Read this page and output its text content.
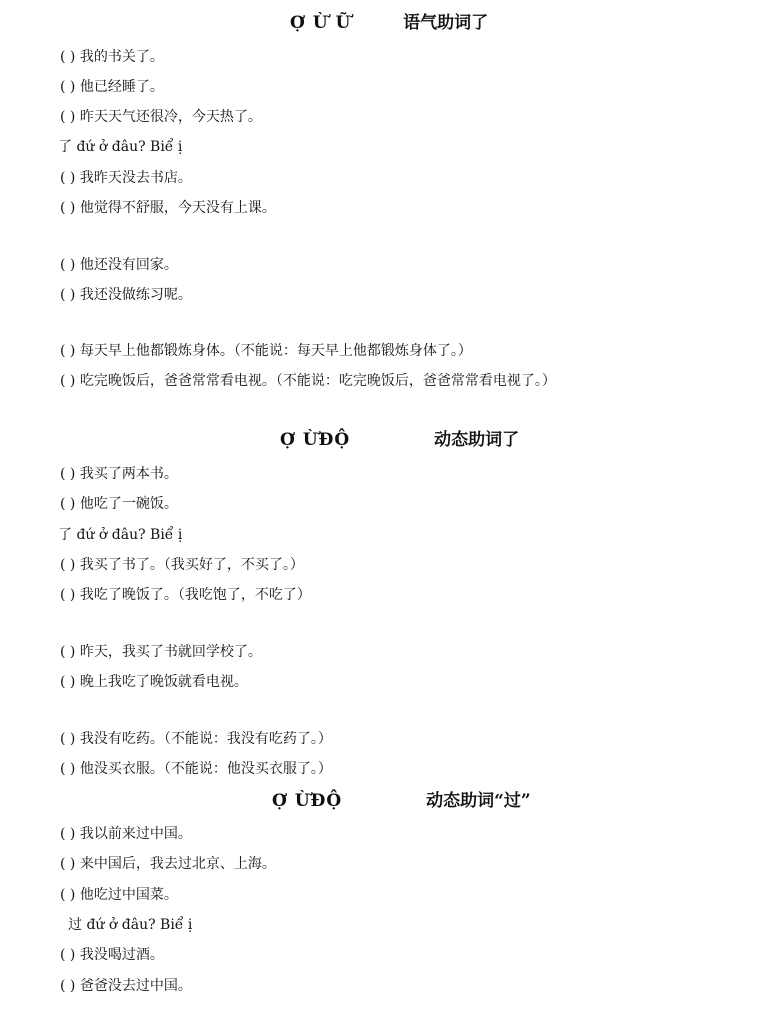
Ợ Ừ Ữ	语气助词了
( ) 我的书关了。
( ) 他已经睡了。
( ) 昨天天气还很冷，今天热了。
了 đứ ở đâu? Biể ị
( ) 我昨天没去书店。
( ) 他觉得不舒服，今天没有上课。
( ) 他还没有回家。
( ) 我还没做练习呢。
( ) 每天早上他都锻炼身体。（不能说：每天早上他都锻炼身体了。）
( ) 吃完晚饭后，爸爸常常看电视。（不能说：吃完晚饭后，爸爸常常看电视了。）
Ợ ỪĐỘ	动态助词了
( ) 我买了两本书。
( ) 他吃了一碗饭。
了 đứ ở đâu? Biể ị
( ) 我买了书了。（我买好了，不买了。）
( ) 我吃了晚饭了。（我吃饱了，不吃了）
( ) 昨天，我买了书就回学校了。
( ) 晚上我吃了晚饭就看电视。
( ) 我没有吃药。（不能说：我没有吃药了。）
( ) 他没买衣服。（不能说：他没买衣服了。）
Ợ ỪĐỘ	动态助词“过”
( ) 我以前来过中国。
( ) 来中国后，我去过北京、上海。
( ) 他吃过中国菜。
过 đứ ở đâu? Biể ị
( ) 我没喝过酒。
( ) 爸爸没去过中国。
